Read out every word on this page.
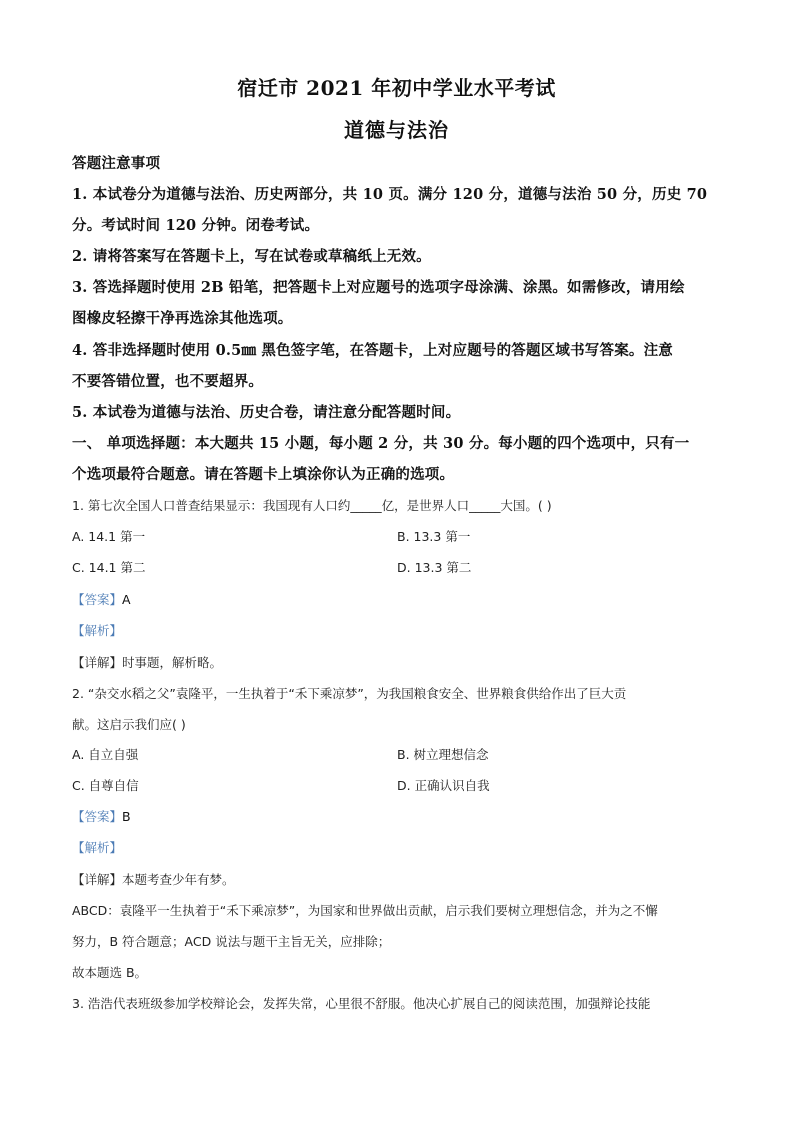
宿迁市 2021 年初中学业水平考试
道德与法治
答题注意事项
1. 本试卷分为道德与法治、历史两部分，共 10 页。满分 120 分，道德与法治 50 分，历史 70
分。考试时间 120 分钟。闭卷考试。
2. 请将答案写在答题卡上，写在试卷或草稿纸上无效。
3. 答选择题时使用 2B 铅笔，把答题卡上对应题号的选项字母涂满、涂黑。如需修改，请用绘
图橡皮轻擦干净再选涂其他选项。
4. 答非选择题时使用 0.5㎜ 黑色签字笔，在答题卡，上对应题号的答题区域书写答案。注意
不要答错位置，也不要超界。
5. 本试卷为道德与法治、历史合卷，请注意分配答题时间。
一、 单项选择题：本大题共 15 小题，每小题 2 分，共 30 分。每小题的四个选项中，只有一
个选项最符合题意。请在答题卡上填涂你认为正确的选项。
1. 第七次全国人口普查结果显示：我国现有人口约_____亿，是世界人口_____大国。( )
A. 14.1 第一	B. 13.3 第一
C. 14.1 第二	D. 13.3 第二
【答案】A
【解析】
【详解】时事题，解析略。
2. “杂交水稻之父”袁隆平，一生执着于“禾下乘凉梦”，为我国粮食安全、世界粮食供给作出了巨大贡
献。这启示我们应( )
A. 自立自强	B. 树立理想信念
C. 自尊自信	D. 正确认识自我
【答案】B
【解析】
【详解】本题考查少年有梦。
ABCD：袁隆平一生执着于“禾下乘凉梦”，为国家和世界做出贡献，启示我们要树立理想信念，并为之不懈
努力，B 符合题意；ACD 说法与题干主旨无关，应排除；
故本题选 B。
3. 浩浩代表班级参加学校辩论会，发挥失常，心里很不舒服。他决心扩展自己的阅读范围，加强辩论技能
